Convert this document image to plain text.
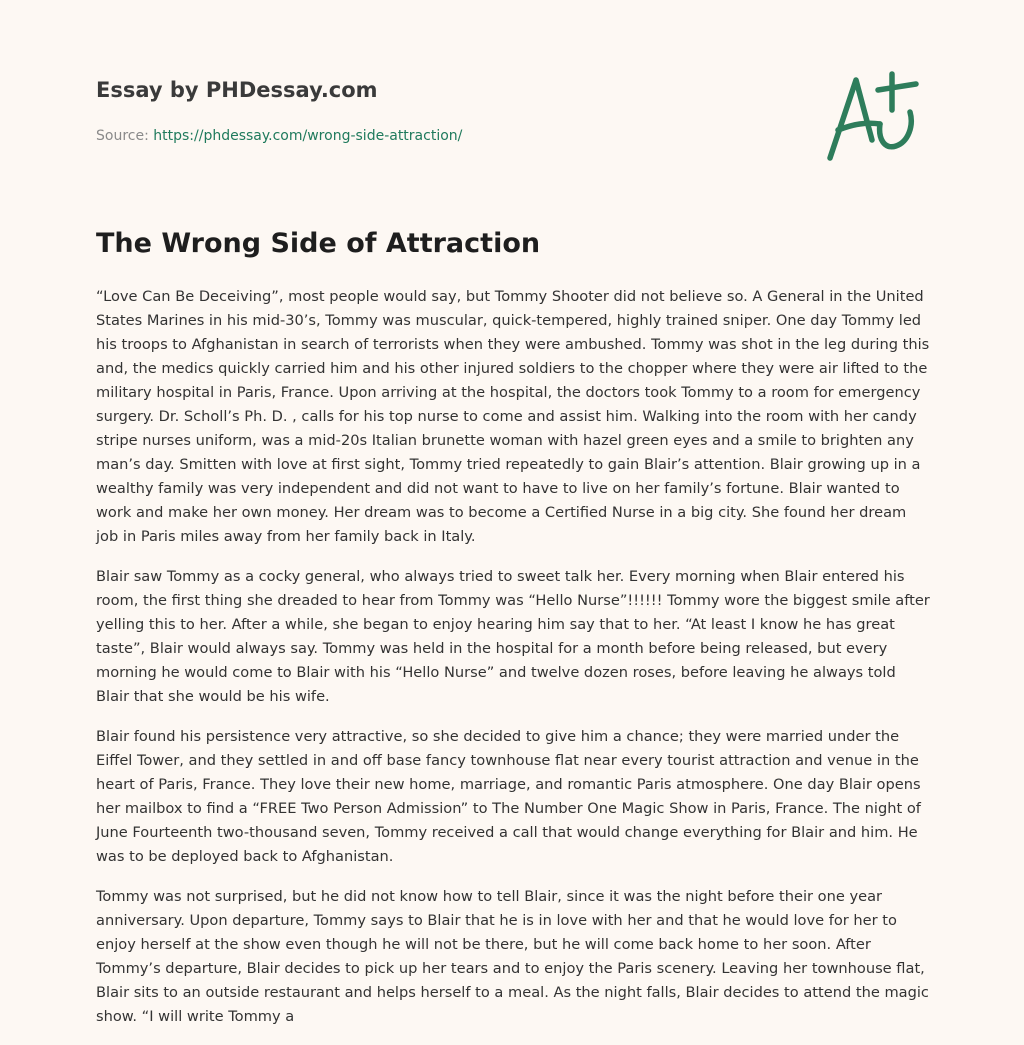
Essay by PHDessay.com
Source: https://phdessay.com/wrong-side-attraction/
The Wrong Side of Attraction

“Love Can Be Deceiving”, most people would say, but Tommy Shooter did not believe so. A General in the United States Marines in his mid-30’s, Tommy was muscular, quick-tempered, highly trained sniper. One day Tommy led his troops to Afghanistan in search of terrorists when they were ambushed. Tommy was shot in the leg during this and, the medics quickly carried him and his other injured soldiers to the chopper where they were air lifted to the military hospital in Paris, France. Upon arriving at the hospital, the doctors took Tommy to a room for emergency surgery. Dr. Scholl’s Ph. D. , calls for his top nurse to come and assist him. Walking into the room with her candy stripe nurses uniform, was a mid-20s Italian brunette woman with hazel green eyes and a smile to brighten any man’s day. Smitten with love at first sight, Tommy tried repeatedly to gain Blair’s attention. Blair growing up in a wealthy family was very independent and did not want to have to live on her family’s fortune. Blair wanted to work and make her own money. Her dream was to become a Certified Nurse in a big city. She found her dream job in Paris miles away from her family back in Italy.

Blair saw Tommy as a cocky general, who always tried to sweet talk her. Every morning when Blair entered his room, the first thing she dreaded to hear from Tommy was “Hello Nurse”!!!!!! Tommy wore the biggest smile after yelling this to her. After a while, she began to enjoy hearing him say that to her. “At least I know he has great taste”, Blair would always say. Tommy was held in the hospital for a month before being released, but every morning he would come to Blair with his “Hello Nurse” and twelve dozen roses, before leaving he always told Blair that she would be his wife.

Blair found his persistence very attractive, so she decided to give him a chance; they were married under the Eiffel Tower, and they settled in and off base fancy townhouse flat near every tourist attraction and venue in the heart of Paris, France. They love their new home, marriage, and romantic Paris atmosphere. One day Blair opens her mailbox to find a “FREE Two Person Admission” to The Number One Magic Show in Paris, France. The night of June Fourteenth two-thousand seven, Tommy received a call that would change everything for Blair and him. He was to be deployed back to Afghanistan.

Tommy was not surprised, but he did not know how to tell Blair, since it was the night before their one year anniversary. Upon departure, Tommy says to Blair that he is in love with her and that he would love for her to enjoy herself at the show even though he will not be there, but he will come back home to her soon. After Tommy’s departure, Blair decides to pick up her tears and to enjoy the Paris scenery. Leaving her townhouse flat, Blair sits to an outside restaurant and helps herself to a meal. As the night falls, Blair decides to attend the magic show. “I will write Tommy a
